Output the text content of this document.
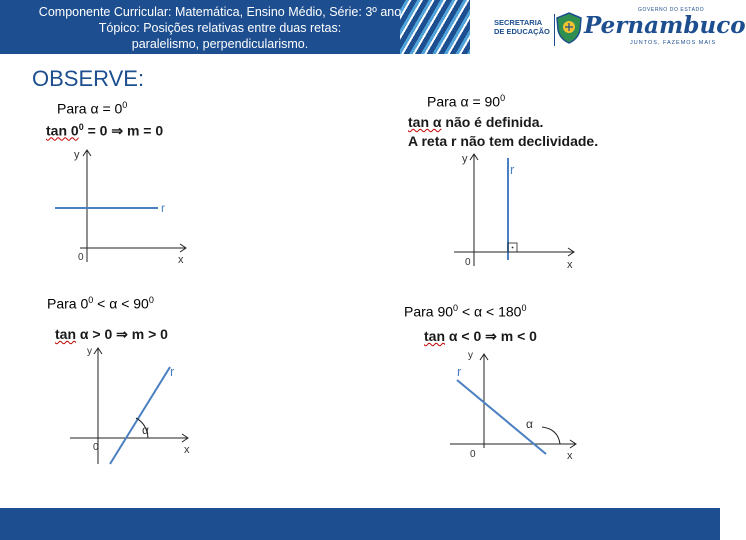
Componente Curricular: Matemática, Ensino Médio, Série: 3º ano
Tópico: Posições relativas entre duas retas:
paralelismo, perpendicularismo.
SECRETARIA
DE EDUCAÇÃO
GOVERNO DO ESTADO
Pernambuco
JUNTOS, FAZEMOS MAIS
OBSERVE:
Para $\alpha = 0^0$
$\tan 0^0 = 0$ ⇒ m = 0
y
x
0
r
Para $\alpha = 90^0$
tan α não é definida.
A reta r não tem declividade.
y
x
0
r
Para $0^0 < \alpha < 90^0$
tan α > 0 ⇒ m > 0
y
x
0
r
α
Para $90^0 < \alpha < 180^0$
tan α < 0 ⇒ m < 0
y
x
0
r
α
